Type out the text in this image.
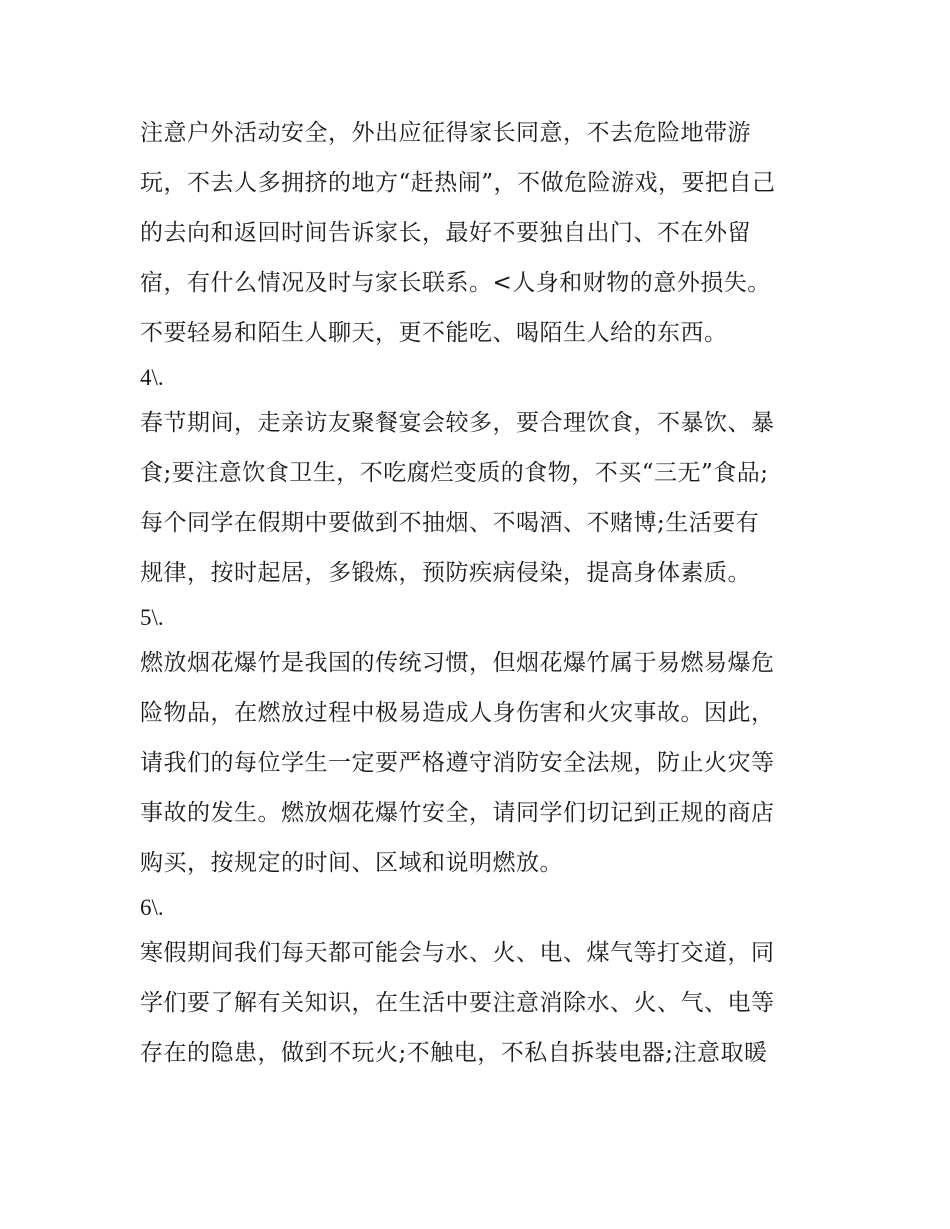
注意户外活动安全，外出应征得家长同意，不去危险地带游
玩，不去人多拥挤的地方“赶热闹”，不做危险游戏，要把自己
的去向和返回时间告诉家长，最好不要独自出门、不在外留
宿，有什么情况及时与家长联系。<人身和财物的意外损失。
不要轻易和陌生人聊天，更不能吃、喝陌生人给的东西。
4\.
春节期间，走亲访友聚餐宴会较多，要合理饮食，不暴饮、暴
食;要注意饮食卫生，不吃腐烂变质的食物，不买“三无”食品;
每个同学在假期中要做到不抽烟、不喝酒、不赌博;生活要有
规律，按时起居，多锻炼，预防疾病侵染，提高身体素质。
5\.
燃放烟花爆竹是我国的传统习惯，但烟花爆竹属于易燃易爆危
险物品，在燃放过程中极易造成人身伤害和火灾事故。因此，
请我们的每位学生一定要严格遵守消防安全法规，防止火灾等
事故的发生。燃放烟花爆竹安全，请同学们切记到正规的商店
购买，按规定的时间、区域和说明燃放。
6\.
寒假期间我们每天都可能会与水、火、电、煤气等打交道，同
学们要了解有关知识，在生活中要注意消除水、火、气、电等
存在的隐患，做到不玩火;不触电，不私自拆装电器;注意取暖
